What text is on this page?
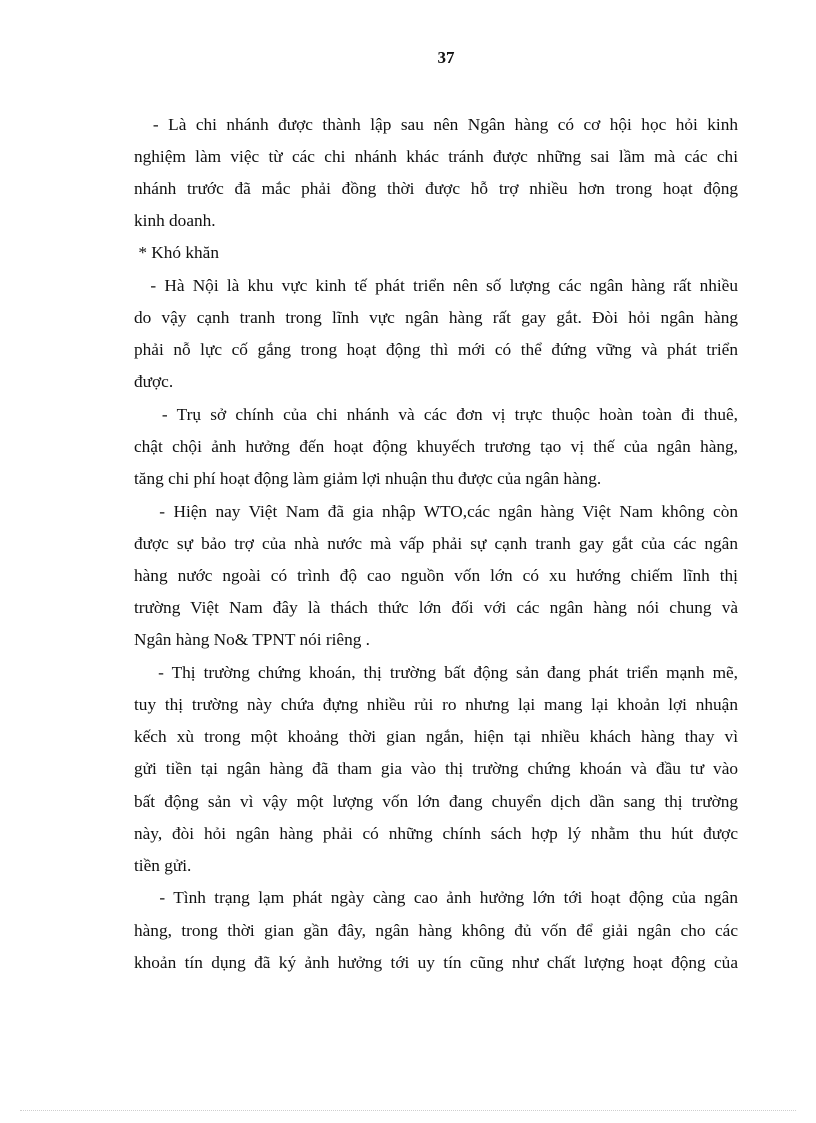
37
- Là chi nhánh được thành lập sau nên Ngân hàng có cơ hội học hỏi kinh
nghiệm làm việc từ các chi nhánh khác tránh được những sai lầm mà các chi
nhánh trước đã mắc phải đồng thời được hỗ trợ nhiều hơn trong hoạt động
kinh doanh.
* Khó khăn
- Hà Nội là khu vực kinh tế phát triển nên số lượng các ngân hàng rất nhiều
do vậy cạnh tranh trong lĩnh vực ngân hàng rất gay gắt. Đòi hỏi ngân hàng
phải nỗ lực cố gắng trong hoạt động thì mới có thể đứng vững và phát triển
được.
- Trụ sở chính của chi nhánh và các đơn vị trực thuộc hoàn toàn đi thuê,
chật chội ảnh hưởng đến hoạt động khuyếch trương tạo vị thế của ngân hàng,
tăng chi phí hoạt động làm giảm lợi nhuận thu được của ngân hàng.
- Hiện nay Việt Nam đã gia nhập WTO,các ngân hàng Việt Nam không còn
được sự bảo trợ của nhà nước mà vấp phải sự cạnh tranh gay gắt của các ngân
hàng nước ngoài có trình độ cao nguồn vốn lớn có xu hướng chiếm lĩnh thị
trường Việt Nam đây là thách thức lớn đối với các ngân hàng nói chung và
Ngân hàng No& TPNT nói riêng .
- Thị trường chứng khoán, thị trường bất động sản đang phát triển mạnh mẽ,
tuy thị trường này chứa đựng nhiều rủi ro nhưng lại mang lại khoản lợi nhuận
kếch xù trong một khoảng thời gian ngắn, hiện tại nhiều khách hàng thay vì
gửi tiền tại ngân hàng đã tham gia vào thị trường chứng khoán và đầu tư vào
bất động sản vì vậy một lượng vốn lớn đang chuyển dịch dần sang thị trường
này, đòi hỏi ngân hàng phải có những chính sách hợp lý nhằm thu hút được
tiền gửi.
- Tình trạng lạm phát ngày càng cao ảnh hưởng lớn tới hoạt động của ngân
hàng, trong thời gian gần đây, ngân hàng không đủ vốn để giải ngân cho các
khoản tín dụng đã ký ảnh hưởng tới uy tín cũng như chất lượng hoạt động của
